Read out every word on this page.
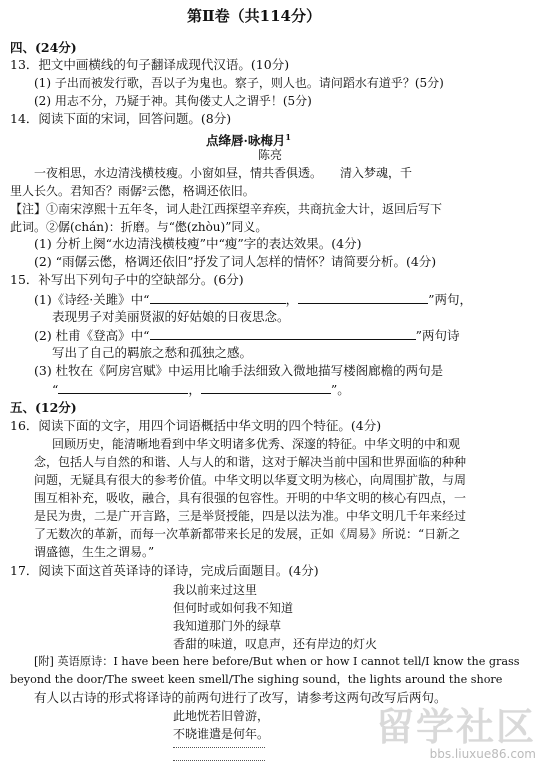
第Ⅱ卷（共114分）
四、(24分)
13．把文中画横线的句子翻译成现代汉语。(10分)
(1) 子出而被发行歌，吾以子为鬼也。察子，则人也。请问蹈水有道乎？(5分)
(2) 用志不分，乃疑于神。其佝偻丈人之谓乎！(5分)
14．阅读下面的宋词，回答问题。(8分)
点绛唇·咏梅月$^1$
陈亮
一夜相思，水边清浅横枝瘦。小窗如昼，情共香俱透。　　清入梦魂，千
里人长久。君知否？雨僝²云僽，格调还依旧。
【注】①南宋淳熙十五年冬，词人赴江西探望辛弃疾，共商抗金大计，返回后写下
此词。②僝(chán)：折磨。与“僽(zhòu)”同义。
(1) 分析上阕“水边清浅横枝瘦”中“瘦”字的表达效果。(4分)
(2) “雨僝云僽，格调还依旧”抒发了词人怎样的情怀？请简要分析。(4分)
15．补写出下列句子中的空缺部分。(6分)
(1)《诗经·关雎》中“	，	”两句，
表现男子对美丽贤淑的好姑娘的日夜思念。
(2) 杜甫《登高》中“	”两句诗
写出了自己的羁旅之愁和孤独之感。
(3) 杜牧在《阿房宫赋》中运用比喻手法细致入微地描写楼阁廊檐的两句是
“	，	”。
五、(12分)
16．阅读下面的文字，用四个词语概括中华文明的四个特征。(4分)
回顾历史，能清晰地看到中华文明诸多优秀、深邃的特征。中华文明的中和观
念，包括人与自然的和谐、人与人的和谐，这对于解决当前中国和世界面临的种种
问题，无疑具有很大的参考价值。中华文明以华夏文明为核心，向周围扩散，与周
围互相补充，吸收，融合，具有很强的包容性。开明的中华文明的核心有四点，一
是民为贵，二是广开言路，三是举贤授能，四是以法为准。中华文明几千年来经过
了无数次的革新，而每一次革新都带来长足的发展，正如《周易》所说：“日新之
谓盛德，生生之谓易。”
17．阅读下面这首英译诗的译诗，完成后面题目。(4分)
我以前来过这里
但何时或如何我不知道
我知道那门外的绿草
香甜的味道，叹息声，还有岸边的灯火
[附] 英语原诗：I have been here before/But when or how I cannot tell/I know the grass
beyond the door/The sweet keen smell/The sighing sound，the lights around the shore
有人以古诗的形式将译诗的前两句进行了改写，请参考这两句改写后两句。
此地恍若旧曾游，
不晓谁遣是何年。	留学社区
bbs.liuxue86.com
